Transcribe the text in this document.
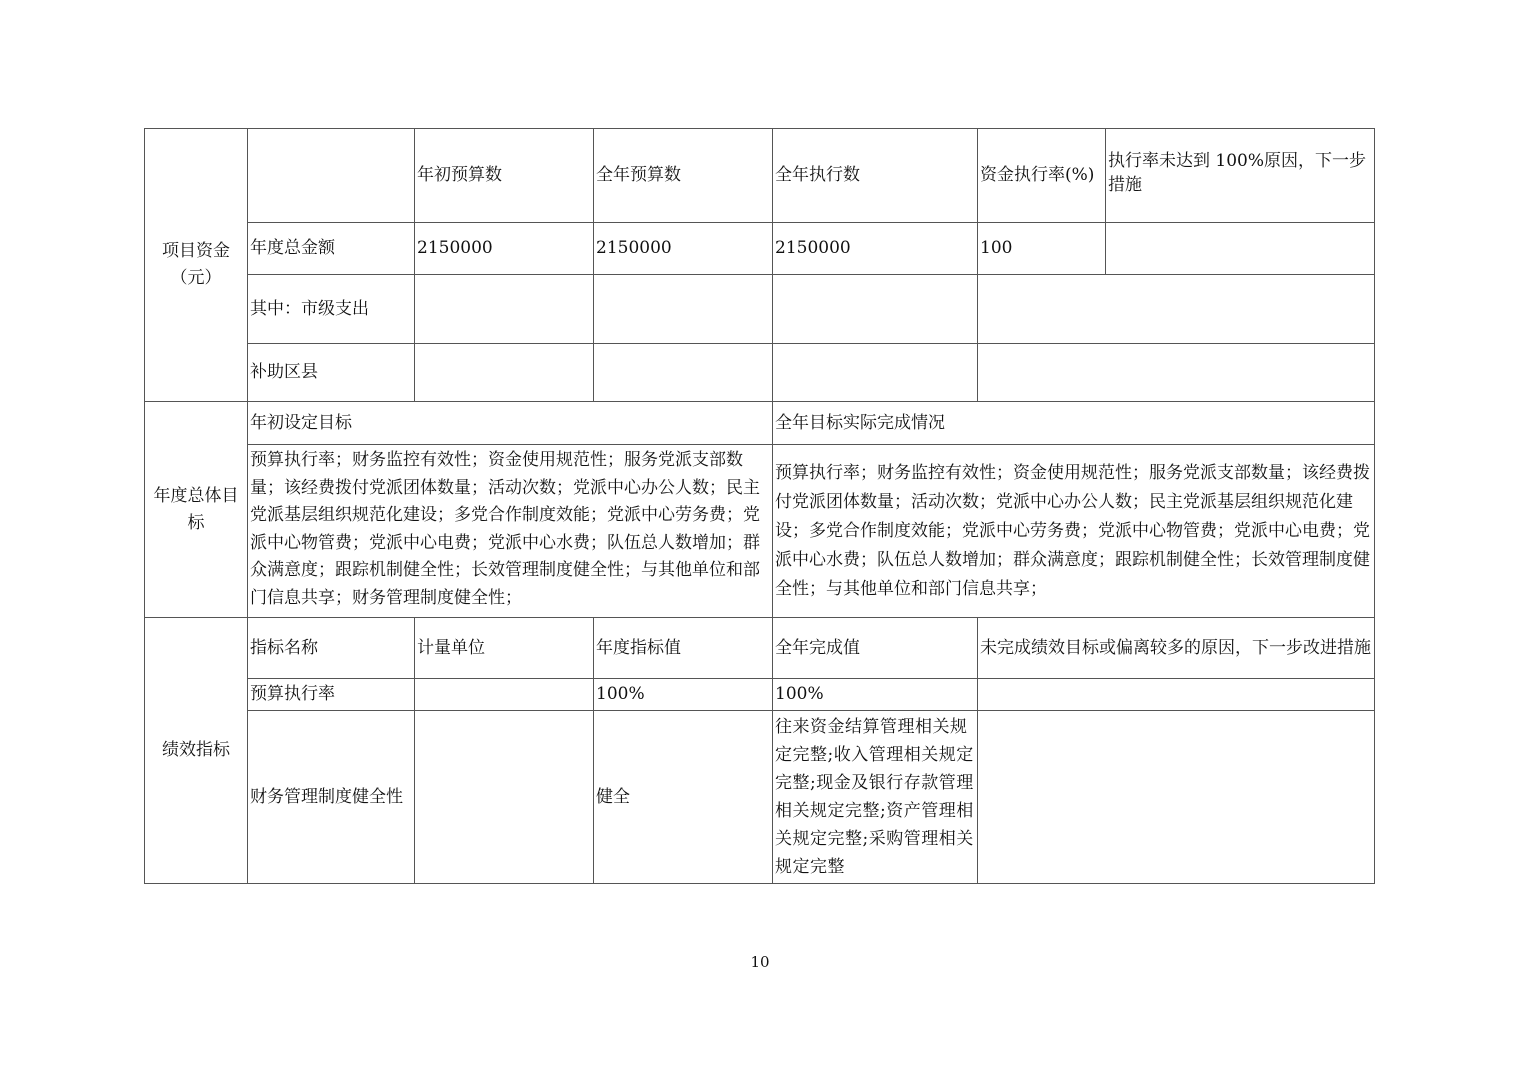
项目资金（元）		年初预算数	全年预算数	全年执行数	资金执行率(%)	执行率未达到 100%原因，下一步措施
	年度总金额	2150000	2150000	2150000	100	
	其中：市级支出					
	补助区县					
年度总体目标	年初设定目标			全年目标实际完成情况		
	预算执行率；财务监控有效性；资金使用规范性；服务党派支部数量；该经费拨付党派团体数量；活动次数；党派中心办公人数；民主党派基层组织规范化建设；多党合作制度效能；党派中心劳务费；党派中心物管费；党派中心电费；党派中心水费；队伍总人数增加；群众满意度；跟踪机制健全性；长效管理制度健全性；与其他单位和部门信息共享；财务管理制度健全性；			预算执行率；财务监控有效性；资金使用规范性；服务党派支部数量；该经费拨付党派团体数量；活动次数；党派中心办公人数；民主党派基层组织规范化建设；多党合作制度效能；党派中心劳务费；党派中心物管费；党派中心电费；党派中心水费；队伍总人数增加；群众满意度；跟踪机制健全性；长效管理制度健全性；与其他单位和部门信息共享；		
绩效指标	指标名称	计量单位	年度指标值	全年完成值	未完成绩效目标或偏离较多的原因，下一步改进措施	
	预算执行率		100%	100%		
	财务管理制度健全性		健全	往来资金结算管理相关规定完整;收入管理相关规定完整;现金及银行存款管理相关规定完整;资产管理相关规定完整;采购管理相关规定完整		
10
